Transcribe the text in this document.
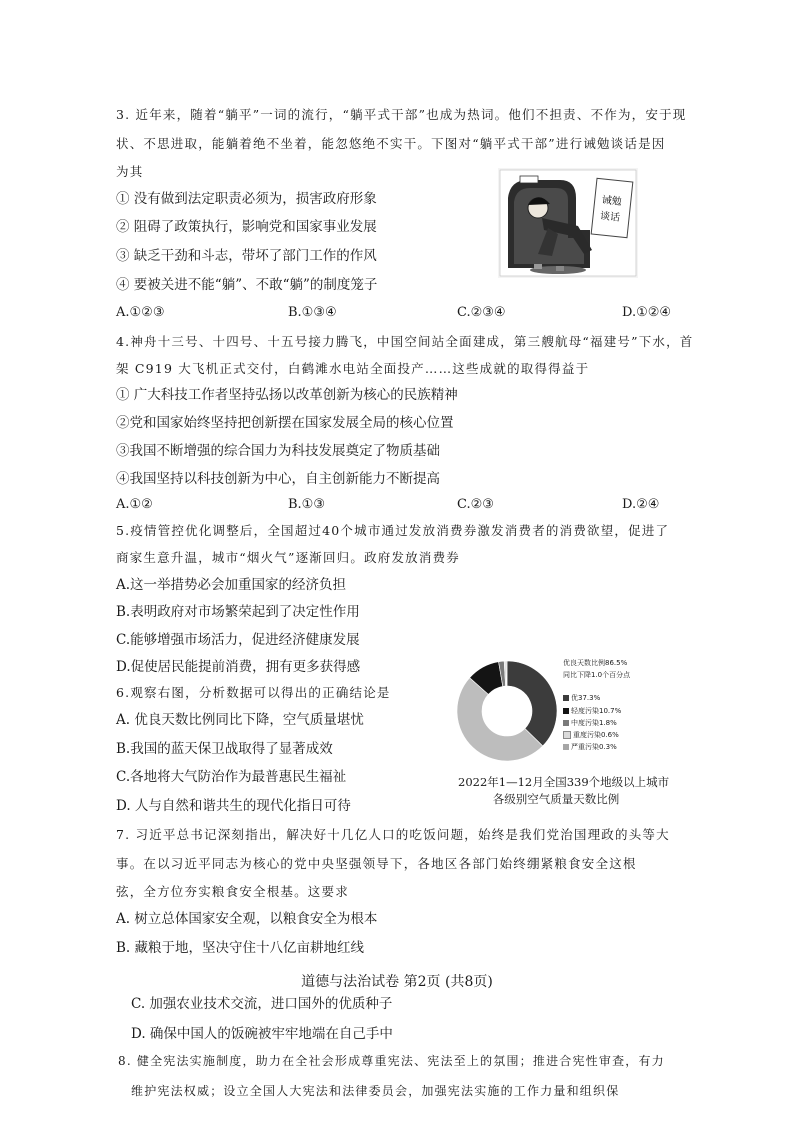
3. 近年来，随着“躺平”一词的流行，“躺平式干部”也成为热词。他们不担责、不作为，安于现
状、不思进取，能躺着绝不坐着，能忽悠绝不实干。下图对“躺平式干部”进行诫勉谈话是因
为其
① 没有做到法定职责必须为，损害政府形象
② 阻碍了政策执行，影响党和国家事业发展
③ 缺乏干劲和斗志，带坏了部门工作的作风
④ 要被关进不能“躺”、不敢“躺”的制度笼子
诫勉
谈话
A.①②③	B.①③④	C.②③④	D.①②④
4.神舟十三号、十四号、十五号接力腾飞，中国空间站全面建成，第三艘航母“福建号”下水，首
架 C919 大飞机正式交付，白鹤滩水电站全面投产……这些成就的取得得益于
① 广大科技工作者坚持弘扬以改革创新为核心的民族精神
②党和国家始终坚持把创新摆在国家发展全局的核心位置
③我国不断增强的综合国力为科技发展奠定了物质基础
④我国坚持以科技创新为中心，自主创新能力不断提高
A.①②	B.①③	C.②③	D.②④
5.疫情管控优化调整后，全国超过40个城市通过发放消费券激发消费者的消费欲望，促进了
商家生意升温，城市“烟火气”逐渐回归。政府发放消费券
A.这一举措势必会加重国家的经济负担
B.表明政府对市场繁荣起到了决定性作用
C.能够增强市场活力，促进经济健康发展
D.促使居民能提前消费，拥有更多获得感
6.观察右图，分析数据可以得出的正确结论是
A. 优良天数比例同比下降，空气质量堪忧
B.我国的蓝天保卫战取得了显著成效
C.各地将大气防治作为最普惠民生福祉
D. 人与自然和谐共生的现代化指日可待
优良天数比例86.5%
同比下降1.0个百分点
优37.3%
轻度污染10.7%
中度污染1.8%
重度污染0.6%
严重污染0.3%
2022年1—12月全国339个地级以上城市
各级别空气质量天数比例
7. 习近平总书记深刻指出，解决好十几亿人口的吃饭问题，始终是我们党治国理政的头等大
事。在以习近平同志为核心的党中央坚强领导下，各地区各部门始终绷紧粮食安全这根
弦，全方位夯实粮食安全根基。这要求
A. 树立总体国家安全观，以粮食安全为根本
B. 藏粮于地，坚决守住十八亿亩耕地红线
道德与法治试卷 第2页 (共8页)
C. 加强农业技术交流，进口国外的优质种子
D. 确保中国人的饭碗被牢牢地端在自己手中
8. 健全宪法实施制度，助力在全社会形成尊重宪法、宪法至上的氛围；推进合宪性审查，有力
维护宪法权威；设立全国人大宪法和法律委员会，加强宪法实施的工作力量和组织保
